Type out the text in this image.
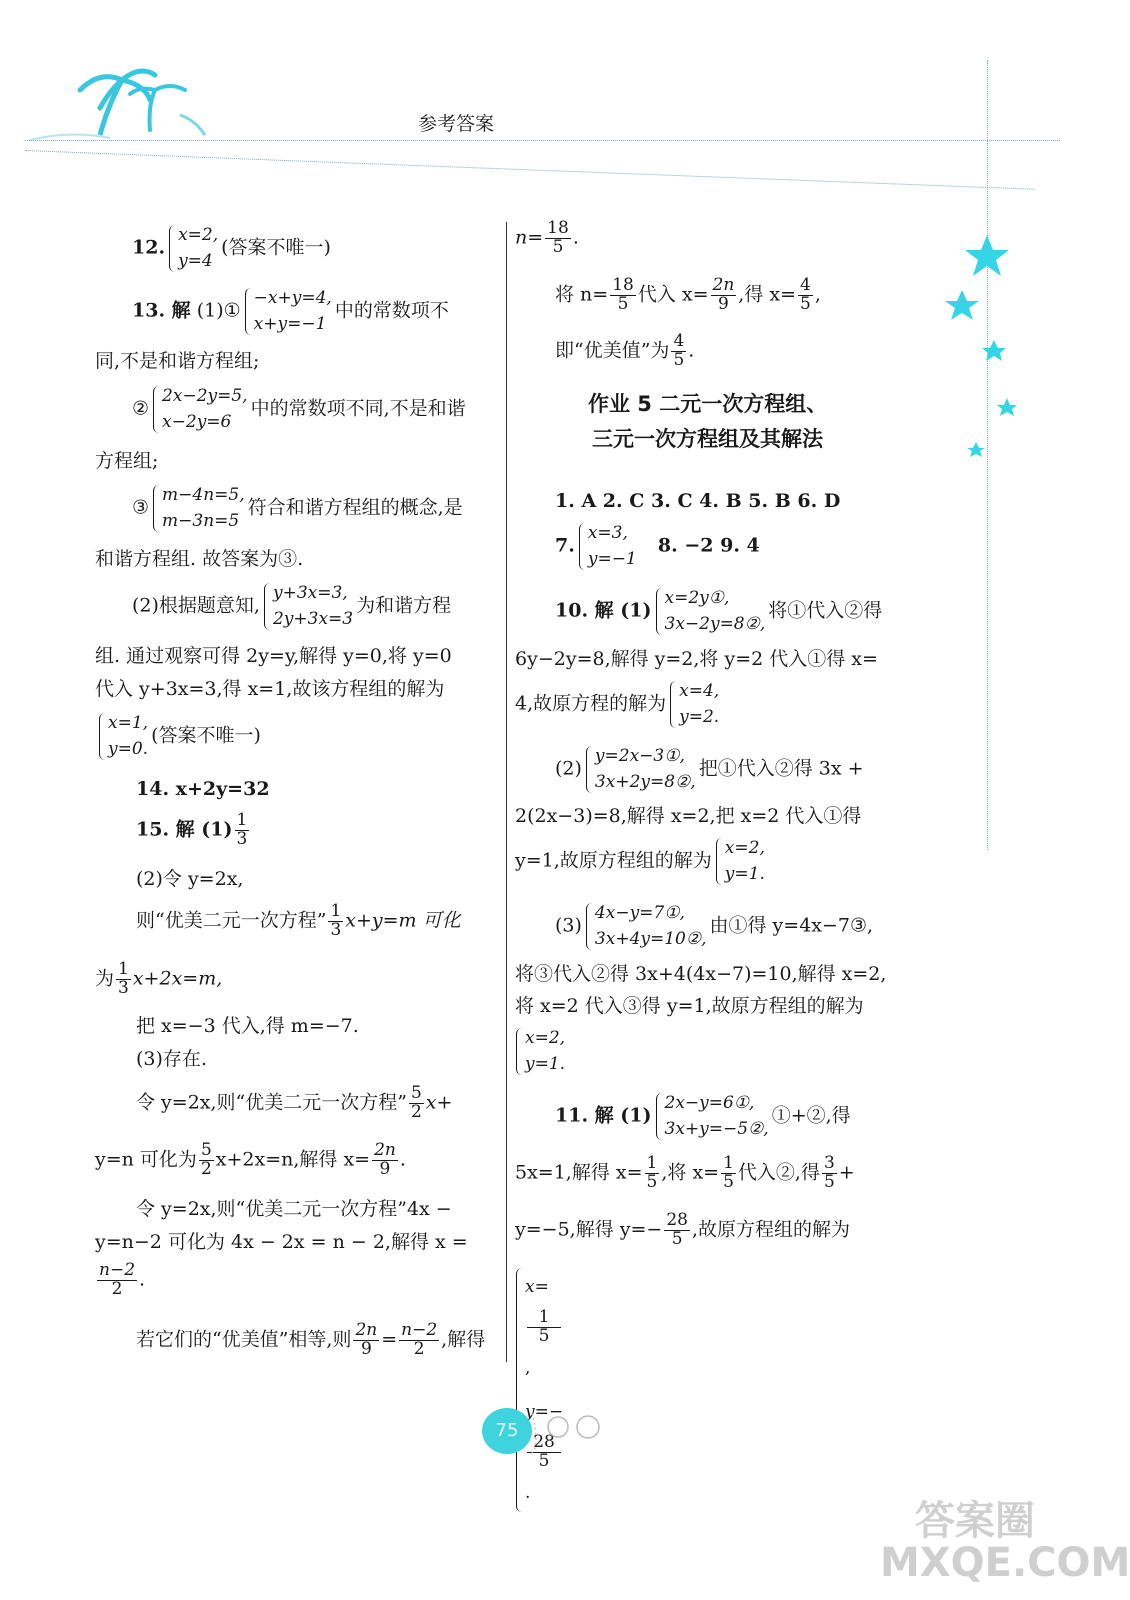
参考答案
12.
x=2,
y=4
(答案不唯一)
13. 解 (1)①
−x+y=4,
x+y=−1
中的常数项不
同,不是和谐方程组;
②
2x−2y=5,
x−2y=6
中的常数项不同,不是和谐
方程组;
③
m−4n=5,
m−3n=5
符合和谐方程组的概念,是
和谐方程组. 故答案为③.
(2)根据题意知,
y+3x=3,
2y+3x=3
为和谐方程
组. 通过观察可得 2y=y,解得 y=0,将 y=0
代入 y+3x=3,得 x=1,故该方程组的解为
x=1,
y=0.
(答案不唯一)
14. x+2y=32
15. 解 $(1) \frac{1}{3}$
(2)令 y=2x,
则“优美二元一次方程” $\frac{1}{3} x+y=m$ 可化
为 $\frac{1}{3} x+2x=m$,
把 x=−3 代入,得 m=−7.
(3)存在.
令 y=2x,则“优美二元一次方程” $\frac{5}{2} x+$
y=n 可化为 $\frac{5}{2} x+2x=n$,解得 $x= \frac{2n}{9}$ .
令 y=2x,则“优美二元一次方程”4x −
y=n−2 可化为 4x − 2x = n − 2,解得 x =
$\frac{n-2}{2}$ .
若它们的“优美值”相等,则 $\frac{2n}{9} = \frac{n-2}{2}$ ,解得
$n= \frac{18}{5}$ .
将 $n= \frac{18}{5}$ 代入 $x= \frac{2n}{9}$ ,得 $x= \frac{4}{5}$ ,
即“优美值”为 $\frac{4}{5}$ .
作业 5 二元一次方程组、
三元一次方程组及其解法
1. A 2. C 3. C 4. B 5. B 6. D
7.
x=3,
y=−1
8. −2 9. 4
10. 解 (1)
x=2y①,
3x−2y=8②,
将①代入②得
6y−2y=8,解得 y=2,将 y=2 代入①得 x=
4,故原方程的解为
x=4,
y=2.
(2)
y=2x−3①,
3x+2y=8②,
把①代入②得 3x +
2(2x−3)=8,解得 x=2,把 x=2 代入①得
y=1,故原方程组的解为
x=2,
y=1.
(3)
4x−y=7①,
3x+4y=10②,
由①得 y=4x−7③,
将③代入②得 3x+4(4x−7)=10,解得 x=2,
将 x=2 代入③得 y=1,故原方程组的解为
x=2,
y=1.
11. 解 (1)
2x−y=6①,
3x+y=−5②,
①+②,得
5x=1,解得 $x= \frac{1}{5}$ ,将 $x= \frac{1}{5}$ 代入②,得 $\frac{3}{5}$ +
y=−5,解得 $y=- \frac{28}{5}$ ,故原方程组的解为
x=
1
5
,
y=−
28
5
.
75
答案圈 MXQE.COM
